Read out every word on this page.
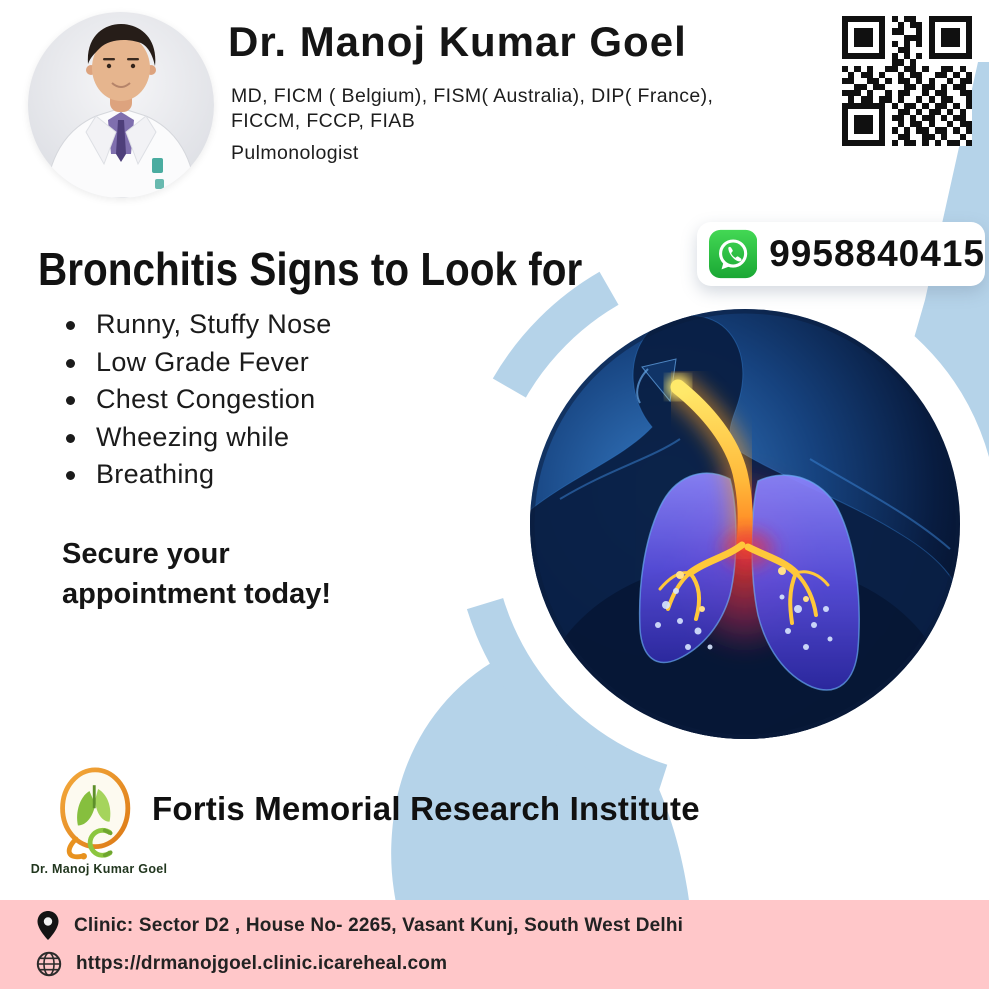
Dr. Manoj Kumar Goel
MD, FICM ( Belgium), FISM( Australia), DIP( France),
FICCM, FCCP, FIAB
Pulmonologist
9958840415
Bronchitis Signs to Look for
Runny, Stuffy Nose
Low Grade Fever
Chest Congestion
Wheezing while
Breathing
Secure your
appointment today!
Dr. Manoj Kumar Goel
Fortis Memorial Research Institute
Clinic: Sector D2 , House No- 2265, Vasant Kunj, South West Delhi
https://drmanojgoel.clinic.icareheal.com
